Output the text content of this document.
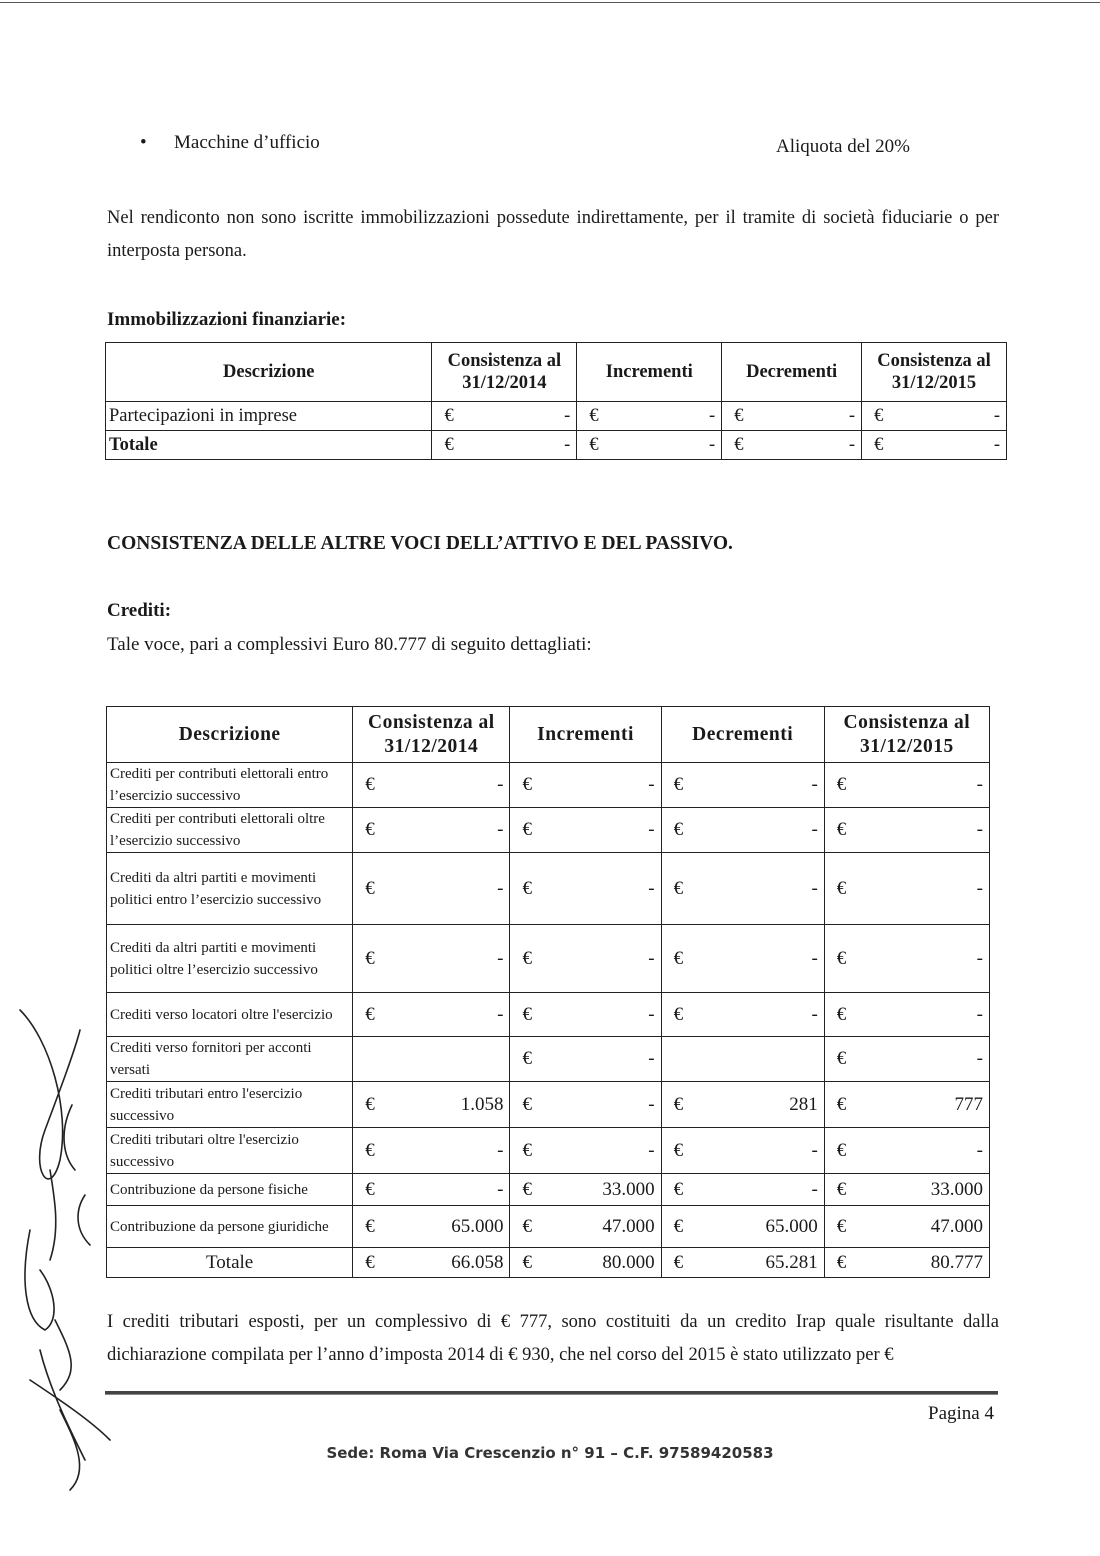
• Macchine d’ufficio	Aliquota del 20%

Nel rendiconto non sono iscritte immobilizzazioni possedute indirettamente, per il tramite di società fiduciarie o per interposta persona.

Immobilizzazioni finanziarie:

Descrizione	Consistenza al 31/12/2014	Incrementi	Decrementi	Consistenza al 31/12/2015
Partecipazioni in imprese	€ -	€ -	€ -	€ -

Totale	€ -	€ -	€ -	€ -

CONSISTENZA DELLE ALTRE VOCI DELL’ATTIVO E DEL PASSIVO.

Crediti:

Tale voce, pari a complessivi Euro 80.777 di seguito dettagliati:

Descrizione	Consistenza al 31/12/2014	Incrementi	Decrementi	Consistenza al 31/12/2015
Crediti per contributi elettorali entro l’esercizio successivo	€ -	€ -	€ -	€ -

Crediti per contributi elettorali oltre l’esercizio successivo	€ -	€ -	€ -	€ -

Crediti da altri partiti e movimenti politici entro l’esercizio successivo	€ -	€ -	€ -	€ -

Crediti da altri partiti e movimenti politici oltre l’esercizio successivo	€ -	€ -	€ -	€ -

Crediti verso locatori oltre l'esercizio	€ -	€ -	€ -	€ -

Crediti verso fornitori per acconti versati		€ -		€ -

Crediti tributari entro l'esercizio successivo	€ 1.058	€ -	€ 281	€ 777

Crediti tributari oltre l'esercizio successivo	€ -	€ -	€ -	€ -

Contribuzione da persone fisiche	€ -	€ 33.000	€ -	€ 33.000

Contribuzione da persone giuridiche	€ 65.000	€ 47.000	€ 65.000	€ 47.000

Totale	€ 66.058	€ 80.000	€ 65.281	€ 80.777

I crediti tributari esposti, per un complessivo di € 777, sono costituiti da un credito Irap quale risultante dalla dichiarazione compilata per l’anno d’imposta 2014 di € 930, che nel corso del 2015 è stato utilizzato per €

Pagina 4
Sede: Roma Via Crescenzio n° 91 – C.F. 97589420583
